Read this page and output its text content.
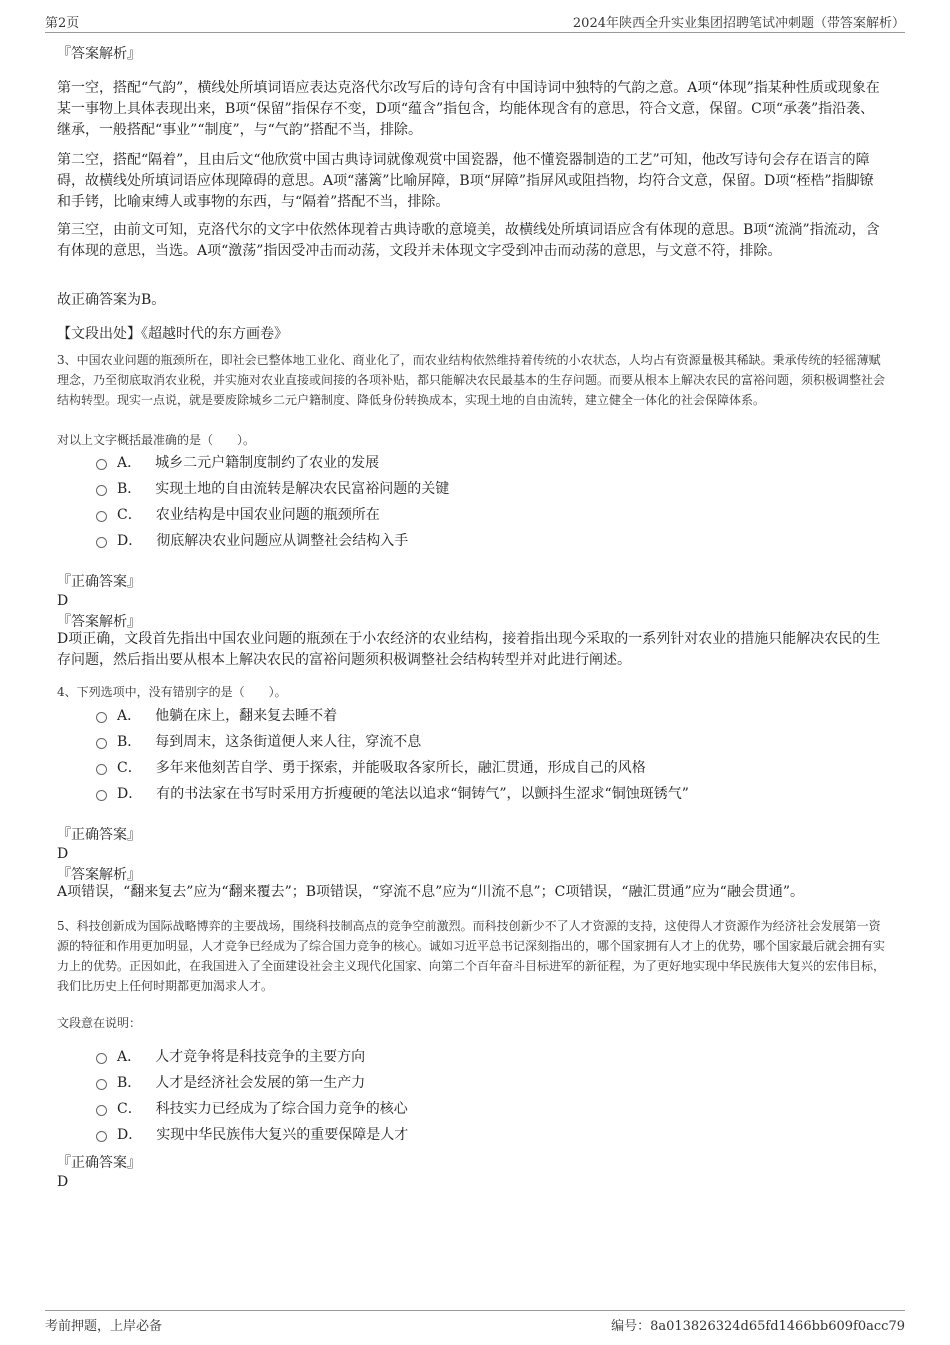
第2页	2024年陕西全升实业集团招聘笔试冲刺题（带答案解析）
『答案解析』
第一空，搭配“气韵”，横线处所填词语应表达克洛代尔改写后的诗句含有中国诗词中独特的气韵之意。A项“体现”指某种性质或现象在某一事物上具体表现出来，B项“保留”指保存不变，D项“蕴含”指包含，均能体现含有的意思，符合文意，保留。C项“承袭”指沿袭、继承，一般搭配“事业”“制度”，与“气韵”搭配不当，排除。
第二空，搭配“隔着”，且由后文“他欣赏中国古典诗词就像观赏中国瓷器，他不懂瓷器制造的工艺”可知，他改写诗句会存在语言的障碍，故横线处所填词语应体现障碍的意思。A项“藩篱”比喻屏障，B项“屏障”指屏风或阻挡物，均符合文意，保留。D项“桎梏”指脚镣和手铐，比喻束缚人或事物的东西，与“隔着”搭配不当，排除。
第三空，由前文可知，克洛代尔的文字中依然体现着古典诗歌的意境美，故横线处所填词语应含有体现的意思。B项“流淌”指流动，含有体现的意思，当选。A项“激荡”指因受冲击而动荡，文段并未体现文字受到冲击而动荡的意思，与文意不符，排除。
故正确答案为B。
【文段出处】《超越时代的东方画卷》
3、中国农业问题的瓶颈所在，即社会已整体地工业化、商业化了，而农业结构依然维持着传统的小农状态，人均占有资源量极其稀缺。秉承传统的轻徭薄赋理念，乃至彻底取消农业税，并实施对农业直接或间接的各项补贴，都只能解决农民最基本的生存问题。而要从根本上解决农民的富裕问题，须积极调整社会结构转型。现实一点说，就是要废除城乡二元户籍制度、降低身份转换成本，实现土地的自由流转，建立健全一体化的社会保障体系。
对以上文字概括最准确的是（　　）。
A． 城乡二元户籍制度制约了农业的发展
B． 实现土地的自由流转是解决农民富裕问题的关键
C． 农业结构是中国农业问题的瓶颈所在
D． 彻底解决农业问题应从调整社会结构入手
『正确答案』
D
『答案解析』
D项正确，文段首先指出中国农业问题的瓶颈在于小农经济的农业结构，接着指出现今采取的一系列针对农业的措施只能解决农民的生存问题，然后指出要从根本上解决农民的富裕问题须积极调整社会结构转型并对此进行阐述。
4、下列选项中，没有错别字的是（　　）。
A． 他躺在床上，翻来复去睡不着
B． 每到周末，这条街道便人来人往，穿流不息
C． 多年来他刻苦自学、勇于探索，并能吸取各家所长，融汇贯通，形成自己的风格
D． 有的书法家在书写时采用方折瘦硬的笔法以追求“铜铸气”，以颤抖生涩求“铜蚀斑锈气”
『正确答案』
D
『答案解析』
A项错误，“翻来复去”应为“翻来覆去”；B项错误，“穿流不息”应为“川流不息”；C项错误，“融汇贯通”应为“融会贯通”。
5、科技创新成为国际战略博弈的主要战场，围绕科技制高点的竞争空前激烈。而科技创新少不了人才资源的支持，这使得人才资源作为经济社会发展第一资源的特征和作用更加明显，人才竞争已经成为了综合国力竞争的核心。诚如习近平总书记深刻指出的，哪个国家拥有人才上的优势，哪个国家最后就会拥有实力上的优势。正因如此，在我国进入了全面建设社会主义现代化国家、向第二个百年奋斗目标进军的新征程，为了更好地实现中华民族伟大复兴的宏伟目标，我们比历史上任何时期都更加渴求人才。
文段意在说明：
A． 人才竞争将是科技竞争的主要方向
B． 人才是经济社会发展的第一生产力
C． 科技实力已经成为了综合国力竞争的核心
D． 实现中华民族伟大复兴的重要保障是人才
『正确答案』
D
考前押题，上岸必备	编号：8a013826324d65fd1466bb609f0acc79
